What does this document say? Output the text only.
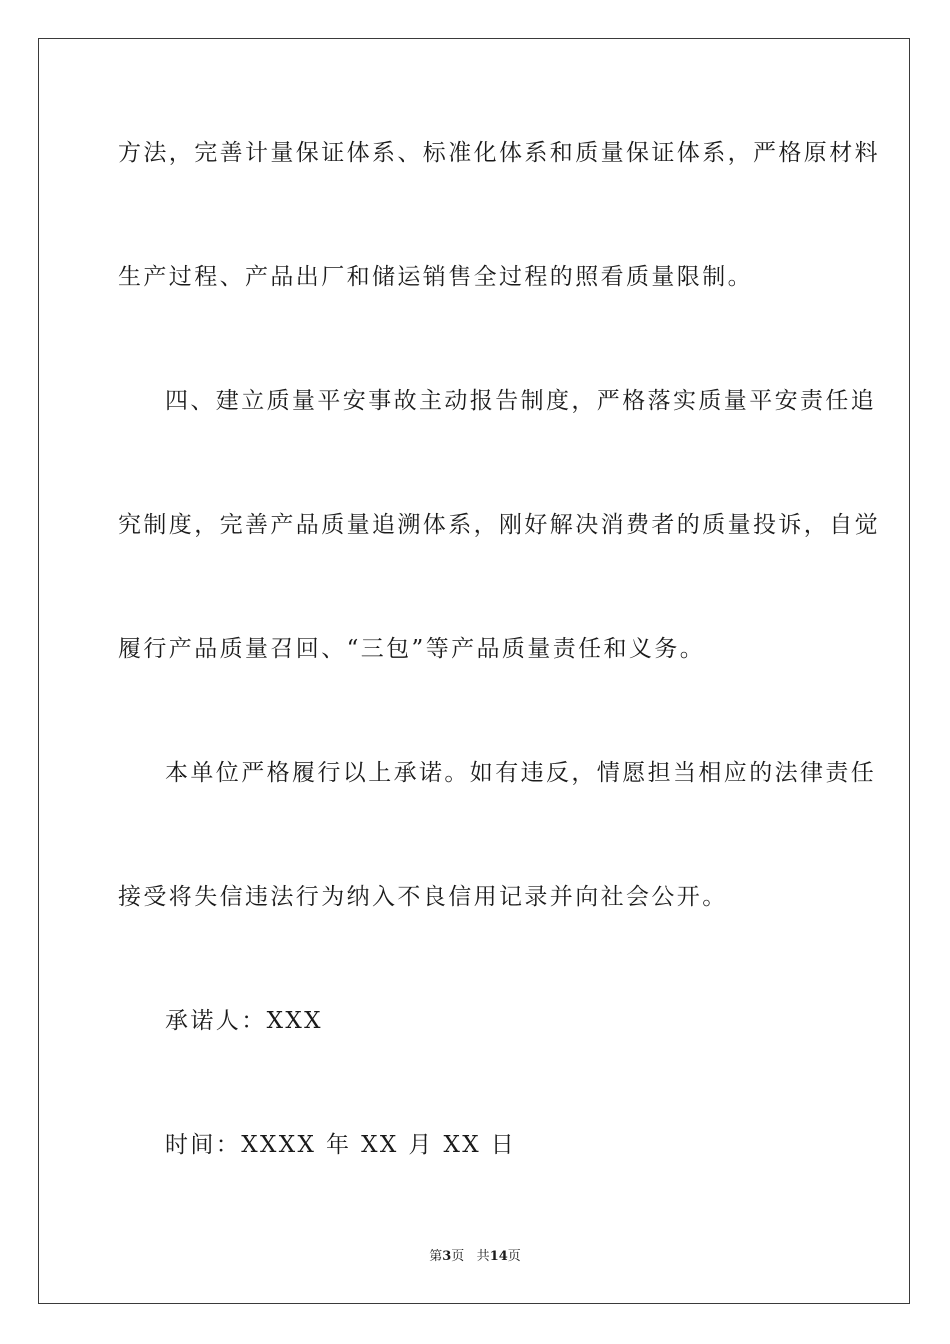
方法，完善计量保证体系、标准化体系和质量保证体系，严格原材料
生产过程、产品出厂和储运销售全过程的照看质量限制。
四、建立质量平安事故主动报告制度，严格落实质量平安责任追
究制度，完善产品质量追溯体系，刚好解决消费者的质量投诉，自觉
履行产品质量召回、“三包”等产品质量责任和义务。
本单位严格履行以上承诺。如有违反，情愿担当相应的法律责任
接受将失信违法行为纳入不良信用记录并向社会公开。
承诺人：XXX
时间：XXXX 年 XX 月 XX 日
第3页 共14页
